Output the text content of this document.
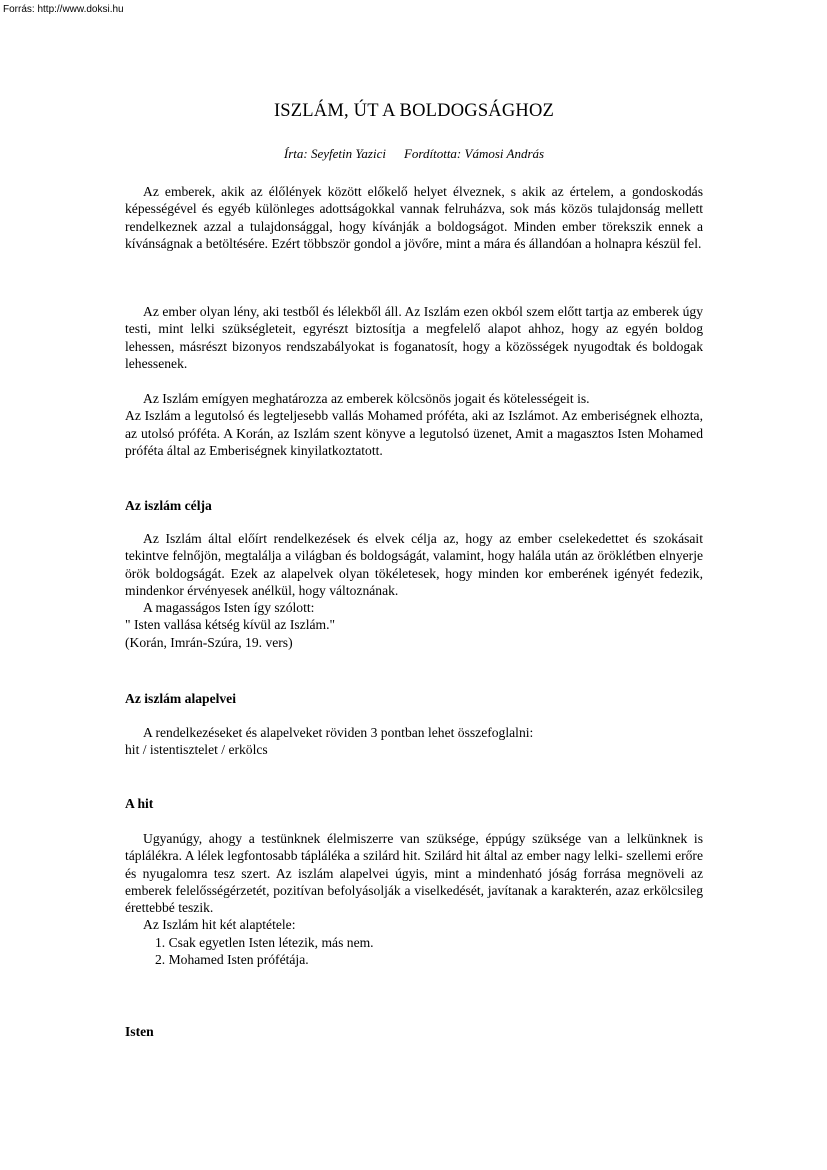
Forrás: http://www.doksi.hu
ISZLÁM, ÚT A BOLDOGSÁGHOZ
Írta: Seyfetin Yazici Fordította: Vámosi András

Az emberek, akik az élőlények között előkelő helyet élveznek, s akik az értelem, a gondoskodás képességével és egyéb különleges adottságokkal vannak felruházva, sok más közös tulajdonság mellett rendelkeznek azzal a tulajdonsággal, hogy kívánják a boldogságot. Minden ember törekszik ennek a kívánságnak a betöltésére. Ezért többször gondol a jövőre, mint a mára és állandóan a holnapra készül fel.

Az ember olyan lény, aki testből és lélekből áll. Az Iszlám ezen okból szem előtt tartja az emberek úgy testi, mint lelki szükségleteit, egyrészt biztosítja a megfelelő alapot ahhoz, hogy az egyén boldog lehessen, másrészt bizonyos rendszabályokat is foganatosít, hogy a közösségek nyugodtak és boldogak lehessenek.

Az Iszlám emígyen meghatározza az emberek kölcsönös jogait és kötelességeit is.

Az Iszlám a legutolsó és legteljesebb vallás Mohamed próféta, aki az Iszlámot. Az emberiségnek elhozta, az utolsó próféta. A Korán, az Iszlám szent könyve a legutolsó üzenet, Amit a magasztos Isten Mohamed próféta által az Emberiségnek kinyilatkoztatott.

Az iszlám célja

Az Iszlám által előírt rendelkezések és elvek célja az, hogy az ember cselekedettet és szokásait tekintve felnőjön, megtalálja a világban és boldogságát, valamint, hogy halála után az öröklétben elnyerje örök boldogságát. Ezek az alapelvek olyan tökéletesek, hogy minden kor emberének igényét fedezik, mindenkor érvényesek anélkül, hogy változnának.

A magasságos Isten így szólott:

" Isten vallása kétség kívül az Iszlám."

(Korán, Imrán-Szúra, 19. vers)

Az iszlám alapelvei

A rendelkezéseket és alapelveket röviden 3 pontban lehet összefoglalni:

hit / istentisztelet / erkölcs

A hit

Ugyanúgy, ahogy a testünknek élelmiszerre van szüksége, éppúgy szüksége van a lelkünknek is táplálékra. A lélek legfontosabb tápláléka a szilárd hit. Szilárd hit által az ember nagy lelki- szellemi erőre és nyugalomra tesz szert. Az iszlám alapelvei úgyis, mint a mindenható jóság forrása megnöveli az emberek felelősségérzetét, pozitívan befolyásolják a viselkedését, javítanak a karakterén, azaz erkölcsileg érettebbé teszik.

Az Iszlám hit két alaptétele:

1. Csak egyetlen Isten létezik, más nem.
2. Mohamed Isten prófétája.
Isten
